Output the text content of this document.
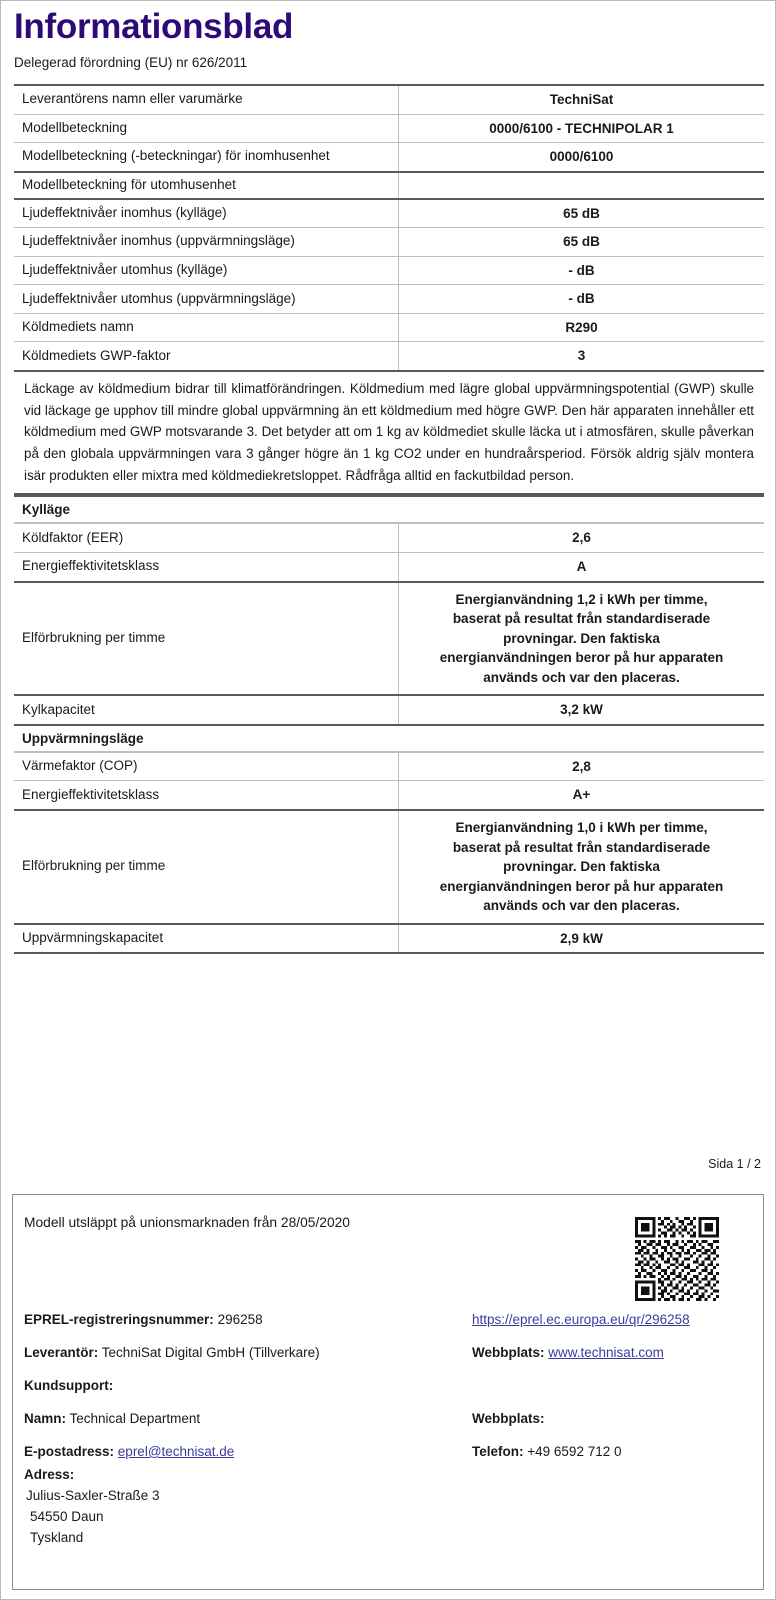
Informationsblad
Delegerad förordning (EU) nr 626/2011
Leverantörens namn eller varumärke	TechniSat
Modellbeteckning	0000/6100 - TECHNIPOLAR 1
Modellbeteckning (-beteckningar) för inomhusenhet	0000/6100
Modellbeteckning för utomhusenhet
Ljudeffektnivåer inomhus (kylläge)	65 dB
Ljudeffektnivåer inomhus (uppvärmningsläge)	65 dB
Ljudeffektnivåer utomhus (kylläge)	- dB
Ljudeffektnivåer utomhus (uppvärmningsläge)	- dB
Köldmediets namn	R290
Köldmediets GWP-faktor	3
Läckage av köldmedium bidrar till klimatförändringen. Köldmedium med lägre global uppvärmningspotential (GWP) skulle vid läckage ge upphov till mindre global uppvärmning än ett köldmedium med högre GWP. Den här apparaten innehåller ett köldmedium med GWP motsvarande 3. Det betyder att om 1 kg av köldmediet skulle läcka ut i atmosfären, skulle påverkan på den globala uppvärmningen vara 3 gånger högre än 1 kg CO2 under en hundraårsperiod. Försök aldrig själv montera isär produkten eller mixtra med köldmediekretsloppet. Rådfråga alltid en fackutbildad person.
Kylläge
Köldfaktor (EER)	2,6
Energieffektivitetsklass	A
Elförbrukning per timme
Energianvändning 1,2 i kWh per timme, baserat på resultat från standardiserade provningar. Den faktiska energianvändningen beror på hur apparaten används och var den placeras.
Kylkapacitet	3,2 kW
Uppvärmningsläge
Värmefaktor (COP)	2,8
Energieffektivitetsklass	A+
Elförbrukning per timme
Energianvändning 1,0 i kWh per timme, baserat på resultat från standardiserade provningar. Den faktiska energianvändningen beror på hur apparaten används och var den placeras.
Uppvärmningskapacitet	2,9 kW
Sida 1 / 2
Modell utsläppt på unionsmarknaden från 28/05/2020
EPREL-registreringsnummer: 296258	https://eprel.ec.europa.eu/qr/296258
Leverantör: TechniSat Digital GmbH (Tillverkare)	Webbplats: www.technisat.com
Kundsupport:
Namn: Technical Department	Webbplats:
E-postadress: eprel@technisat.de	Telefon: +49 6592 712 0
Adress:
Julius-Saxler-Straße 3
54550 Daun
Tyskland
